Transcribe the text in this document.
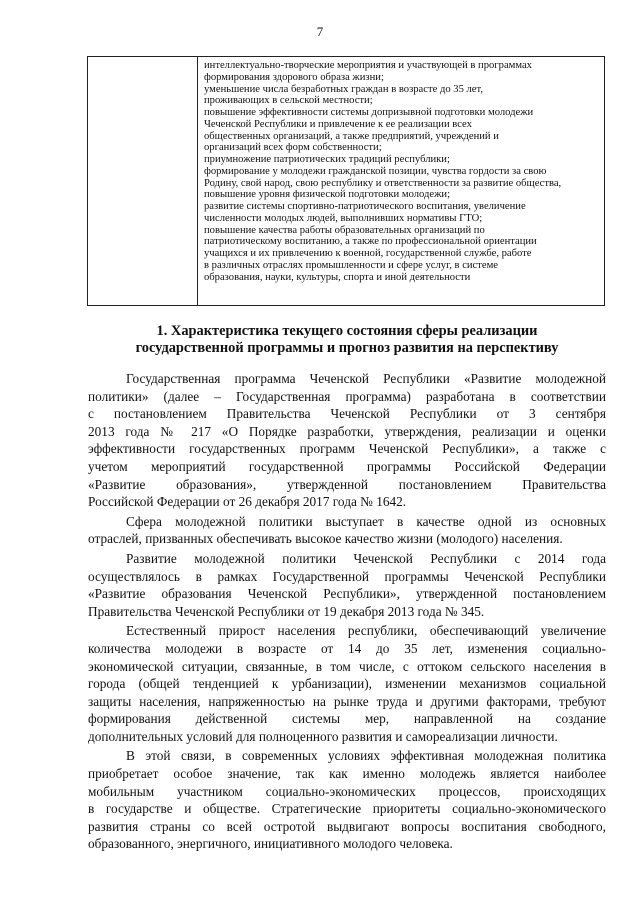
7
интеллектуально-творческие мероприятия и участвующей в программах
формирования здорового образа жизни;
уменьшение числа безработных граждан в возрасте до 35 лет,
проживающих в сельской местности;
повышение эффективности системы допризывной подготовки молодежи
Чеченской Республики и привлечение к ее реализации всех
общественных организаций, а также предприятий, учреждений и
организаций всех форм собственности;
приумножение патриотических традиций республики;
формирование у молодежи гражданской позиции, чувства гордости за свою
Родину, свой народ, свою республику и ответственности за развитие общества,
повышение уровня физической подготовки молодежи;
развитие системы спортивно-патриотического воспитания, увеличение
численности молодых людей, выполнивших нормативы ГТО;
повышение качества работы образовательных организаций по
патриотическому воспитанию, а также по профессиональной ориентации
учащихся и их привлечению к военной, государственной службе, работе
в различных отраслях промышленности и сфере услуг, в системе
образования, науки, культуры, спорта и иной деятельности
1. Характеристика текущего состояния сферы реализации
государственной программы и прогноз развития на перспективу
Государственная программа Чеченской Республики «Развитие молодежной
политики» (далее – Государственная программа) разработана в соответствии
с постановлением Правительства Чеченской Республики от 3 сентября
2013 года № 217 «О Порядке разработки, утверждения, реализации и оценки
эффективности государственных программ Чеченской Республики», а также с
учетом мероприятий государственной программы Российской Федерации
«Развитие образования», утвержденной постановлением Правительства
Российской Федерации от 26 декабря 2017 года № 1642.
Сфера молодежной политики выступает в качестве одной из основных
отраслей, призванных обеспечивать высокое качество жизни (молодого) населения.
Развитие молодежной политики Чеченской Республики с 2014 года
осуществлялось в рамках Государственной программы Чеченской Республики
«Развитие образования Чеченской Республики», утвержденной постановлением
Правительства Чеченской Республики от 19 декабря 2013 года № 345.
Естественный прирост населения республики, обеспечивающий увеличение
количества молодежи в возрасте от 14 до 35 лет, изменения социально-
экономической ситуации, связанные, в том числе, с оттоком сельского населения в
города (общей тенденцией к урбанизации), изменении механизмов социальной
защиты населения, напряженностью на рынке труда и другими факторами, требуют
формирования действенной системы мер, направленной на создание
дополнительных условий для полноценного развития и самореализации личности.
В этой связи, в современных условиях эффективная молодежная политика
приобретает особое значение, так как именно молодежь является наиболее
мобильным участником социально-экономических процессов, происходящих
в государстве и обществе. Стратегические приоритеты социально-экономического
развития страны со всей остротой выдвигают вопросы воспитания свободного,
образованного, энергичного, инициативного молодого человека.
